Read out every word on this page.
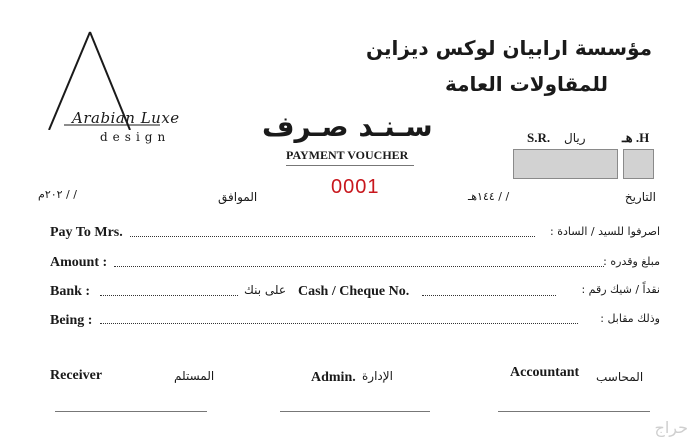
Arabian Luxe
design
مؤسسة ارابيان لوكس ديزاين
للمقاولات العامة
سـنـد صـرف
PAYMENT VOUCHER
0001
هـ .H
ريال
S.R.
التاريخ
/ / ١٤٤هـ
الموافق
/ / ٢٠٢م
Pay To Mrs.	اصرفوا للسيد / السادة :
Amount :	مبلغ وقدره :
Bank :	على بنك Cash / Cheque No.	نقداً / شيك رقم :
Being :	وذلك مقابل :
Receiver	المستلم	Admin. الإدارة	Accountant المحاسب
حراج
